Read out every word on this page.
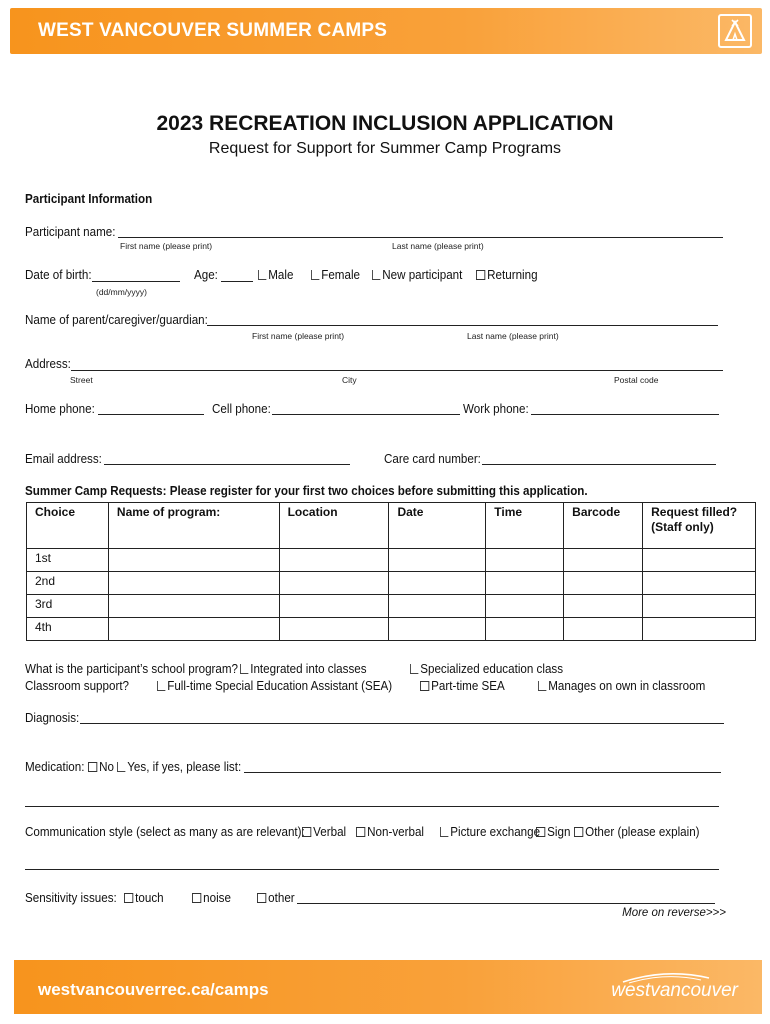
WEST VANCOUVER SUMMER CAMPS
2023 RECREATION INCLUSION APPLICATION
Request for Support for Summer Camp Programs
Participant Information
Participant name:
First name (please print)	Last name (please print)
Date of birth:
(dd/mm/yyyy)
Age:	Male	Female	New participant	Returning
Name of parent/caregiver/guardian:
First name (please print)	Last name (please print)
Address:
Street	City	Postal code
Home phone:	Cell phone:	Work phone:
Email address:	Care card number:
Summer Camp Requests: Please register for your first two choices before submitting this application.
Choice	Name of program:	Location	Date	Time	Barcode	Request filled? (Staff only)
1st						
2nd						
3rd						
4th						
What is the participant’s school program? Integrated into classes	Specialized education class
Classroom support?	Full-time Special Education Assistant (SEA)	Part-time SEA	Manages on own in classroom
Diagnosis:
Medication:	No	Yes, if yes, please list:
Communication style (select as many as are relevant): Verbal	Non-verbal	Picture exchange Sign	Other (please explain)
Sensitivity issues:	touch	noise	other
More on reverse>>>
westvancouverrec.ca/camps	westvancouver
